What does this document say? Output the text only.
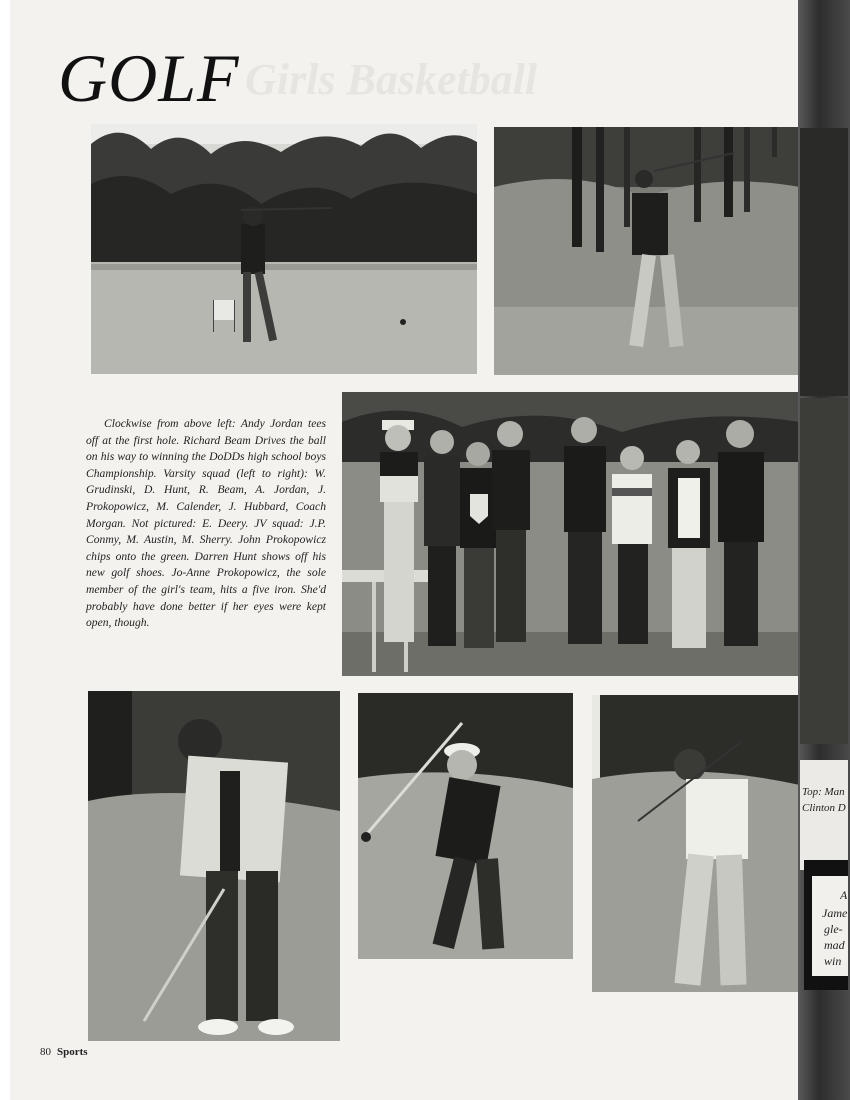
Girls Basketball
GOLF

Clockwise from above left: Andy Jordan tees off at the first hole. Richard Beam Drives the ball on his way to winning the DoDDs high school boys Championship. Varsity squad (left to right): W. Grudinski, D. Hunt, R. Beam, A. Jordan, J. Prokopowicz, M. Calender, J. Hubbard, Coach Morgan. Not pictured: E. Deery. JV squad: J.P. Conmy, M. Austin, M. Sherry. John Prokopowicz chips onto the green. Darren Hunt shows off his new golf shoes. Jo-Anne Prokopowicz, the sole member of the girl's team, hits a five iron. She'd probably have done better if her eyes were kept open, though.

Top: Man
Clinton D
A
Jame
gle-
mad
win
80 Sports
